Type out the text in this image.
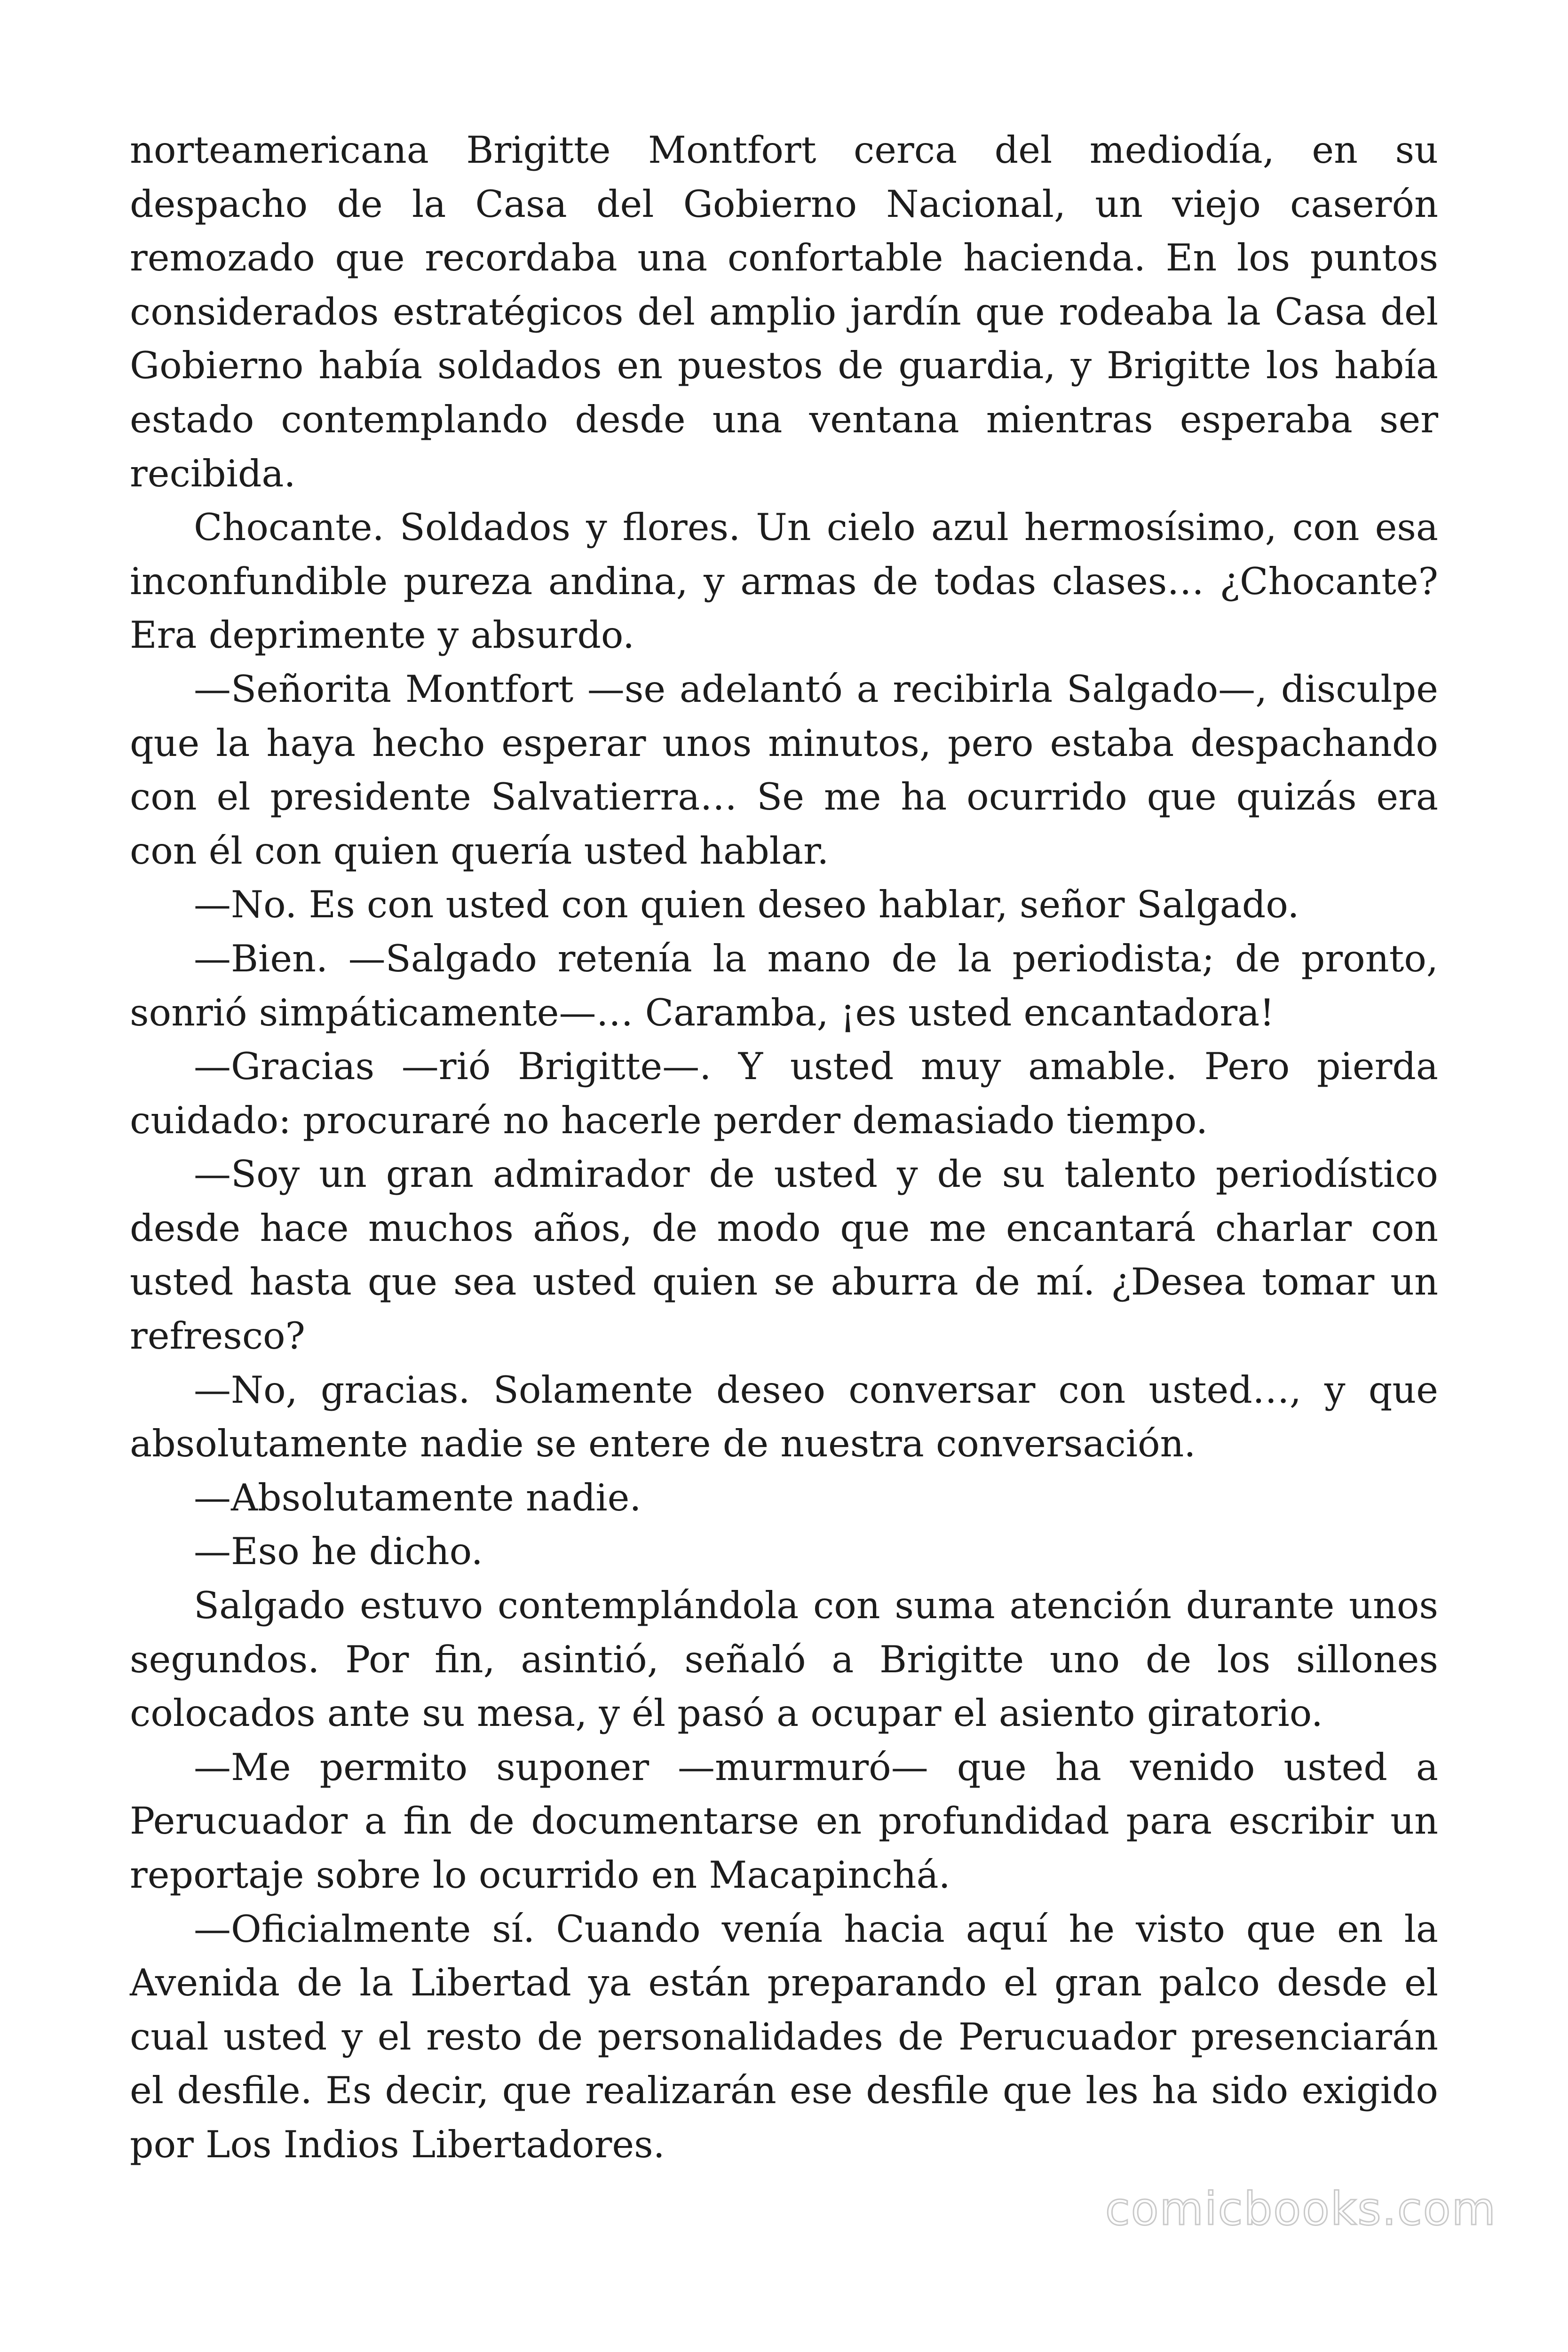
norteamericana Brigitte Montfort cerca del mediodía, en su despacho de la Casa del Gobierno Nacional, un viejo caserón remozado que recordaba una confortable hacienda. En los puntos considerados estratégicos del amplio jardín que rodeaba la Casa del Gobierno había soldados en puestos de guardia, y Brigitte los había estado contemplando desde una ventana mientras esperaba ser recibida.

Chocante. Soldados y flores. Un cielo azul hermosísimo, con esa inconfundible pureza andina, y armas de todas clases… ¿Chocante? Era deprimente y absurdo.

—Señorita Montfort —se adelantó a recibirla Salgado—, disculpe que la haya hecho esperar unos minutos, pero estaba despachando con el presidente Salvatierra… Se me ha ocurrido que quizás era con él con quien quería usted hablar.

—No. Es con usted con quien deseo hablar, señor Salgado.

—Bien. —Salgado retenía la mano de la periodista; de pronto, sonrió simpáticamente—… Caramba, ¡es usted encantadora!

—Gracias —rió Brigitte—. Y usted muy amable. Pero pierda cuidado: procuraré no hacerle perder demasiado tiempo.

—Soy un gran admirador de usted y de su talento periodístico desde hace muchos años, de modo que me encantará charlar con usted hasta que sea usted quien se aburra de mí. ¿Desea tomar un refresco?

—No, gracias. Solamente deseo conversar con usted…, y que absolutamente nadie se entere de nuestra conversación.

—Absolutamente nadie.

—Eso he dicho.

Salgado estuvo contemplándola con suma atención durante unos segundos. Por fin, asintió, señaló a Brigitte uno de los sillones colocados ante su mesa, y él pasó a ocupar el asiento giratorio.

—Me permito suponer —murmuró— que ha venido usted a Perucuador a fin de documentarse en profundidad para escribir un reportaje sobre lo ocurrido en Macapinchá.

—Oficialmente sí. Cuando venía hacia aquí he visto que en la Avenida de la Libertad ya están preparando el gran palco desde el cual usted y el resto de personalidades de Perucuador presenciarán el desfile. Es decir, que realizarán ese desfile que les ha sido exigido por Los Indios Libertadores.

comicbooks.com
